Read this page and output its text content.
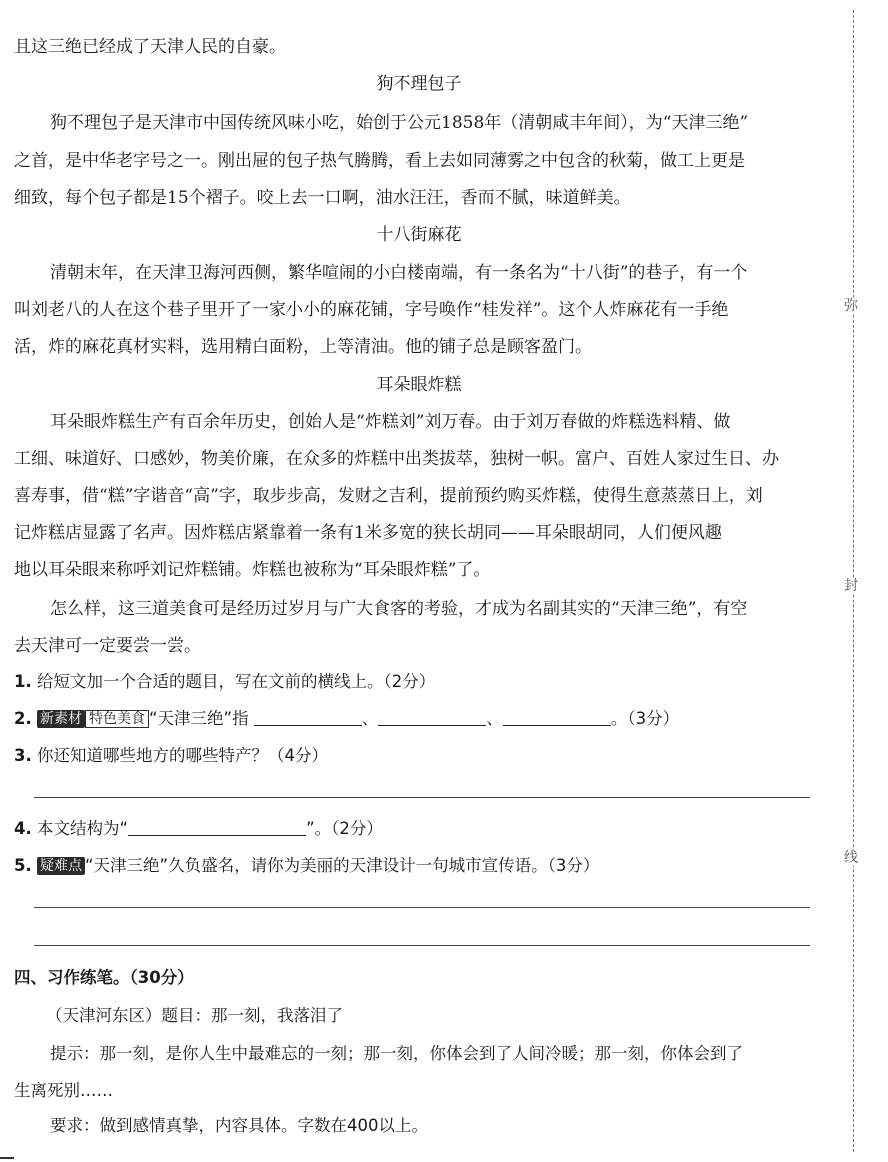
且这三绝已经成了天津人民的自豪。
狗不理包子
狗不理包子是天津市中国传统风味小吃，始创于公元1858年（清朝咸丰年间），为“天津三绝”
之首，是中华老字号之一。刚出屉的包子热气腾腾，看上去如同薄雾之中包含的秋菊，做工上更是
细致，每个包子都是15个褶子。咬上去一口啊，油水汪汪，香而不腻，味道鲜美。
十八街麻花
清朝末年，在天津卫海河西侧，繁华喧闹的小白楼南端，有一条名为“十八街”的巷子，有一个
叫刘老八的人在这个巷子里开了一家小小的麻花铺，字号唤作“桂发祥”。这个人炸麻花有一手绝
活，炸的麻花真材实料，选用精白面粉，上等清油。他的铺子总是顾客盈门。
耳朵眼炸糕
耳朵眼炸糕生产有百余年历史，创始人是“炸糕刘”刘万春。由于刘万春做的炸糕选料精、做
工细、味道好、口感妙，物美价廉，在众多的炸糕中出类拔萃，独树一帜。富户、百姓人家过生日、办
喜寿事，借“糕”字谐音“高”字，取步步高，发财之吉利，提前预约购买炸糕，使得生意蒸蒸日上，刘
记炸糕店显露了名声。因炸糕店紧靠着一条有1米多宽的狭长胡同——耳朵眼胡同，人们便风趣
地以耳朵眼来称呼刘记炸糕铺。炸糕也被称为“耳朵眼炸糕”了。
怎么样，这三道美食可是经历过岁月与广大食客的考验，才成为名副其实的“天津三绝”，有空
去天津可一定要尝一尝。
1. 给短文加一个合适的题目，写在文前的横线上。（2分）
2. 新素材 特色美食 “天津三绝”指	、	、	。（3分）
3. 你还知道哪些地方的哪些特产？（4分）
4. 本文结构为“	”。（2分）
5. 疑难点 “天津三绝”久负盛名，请你为美丽的天津设计一句城市宣传语。（3分）
四、习作练笔。（30分）
（天津河东区）题目：那一刻，我落泪了
提示：那一刻，是你人生中最难忘的一刻；那一刻，你体会到了人间冷暖；那一刻，你体会到了
生离死别……
要求：做到感情真挚，内容具体。字数在400以上。
弥
封
线
